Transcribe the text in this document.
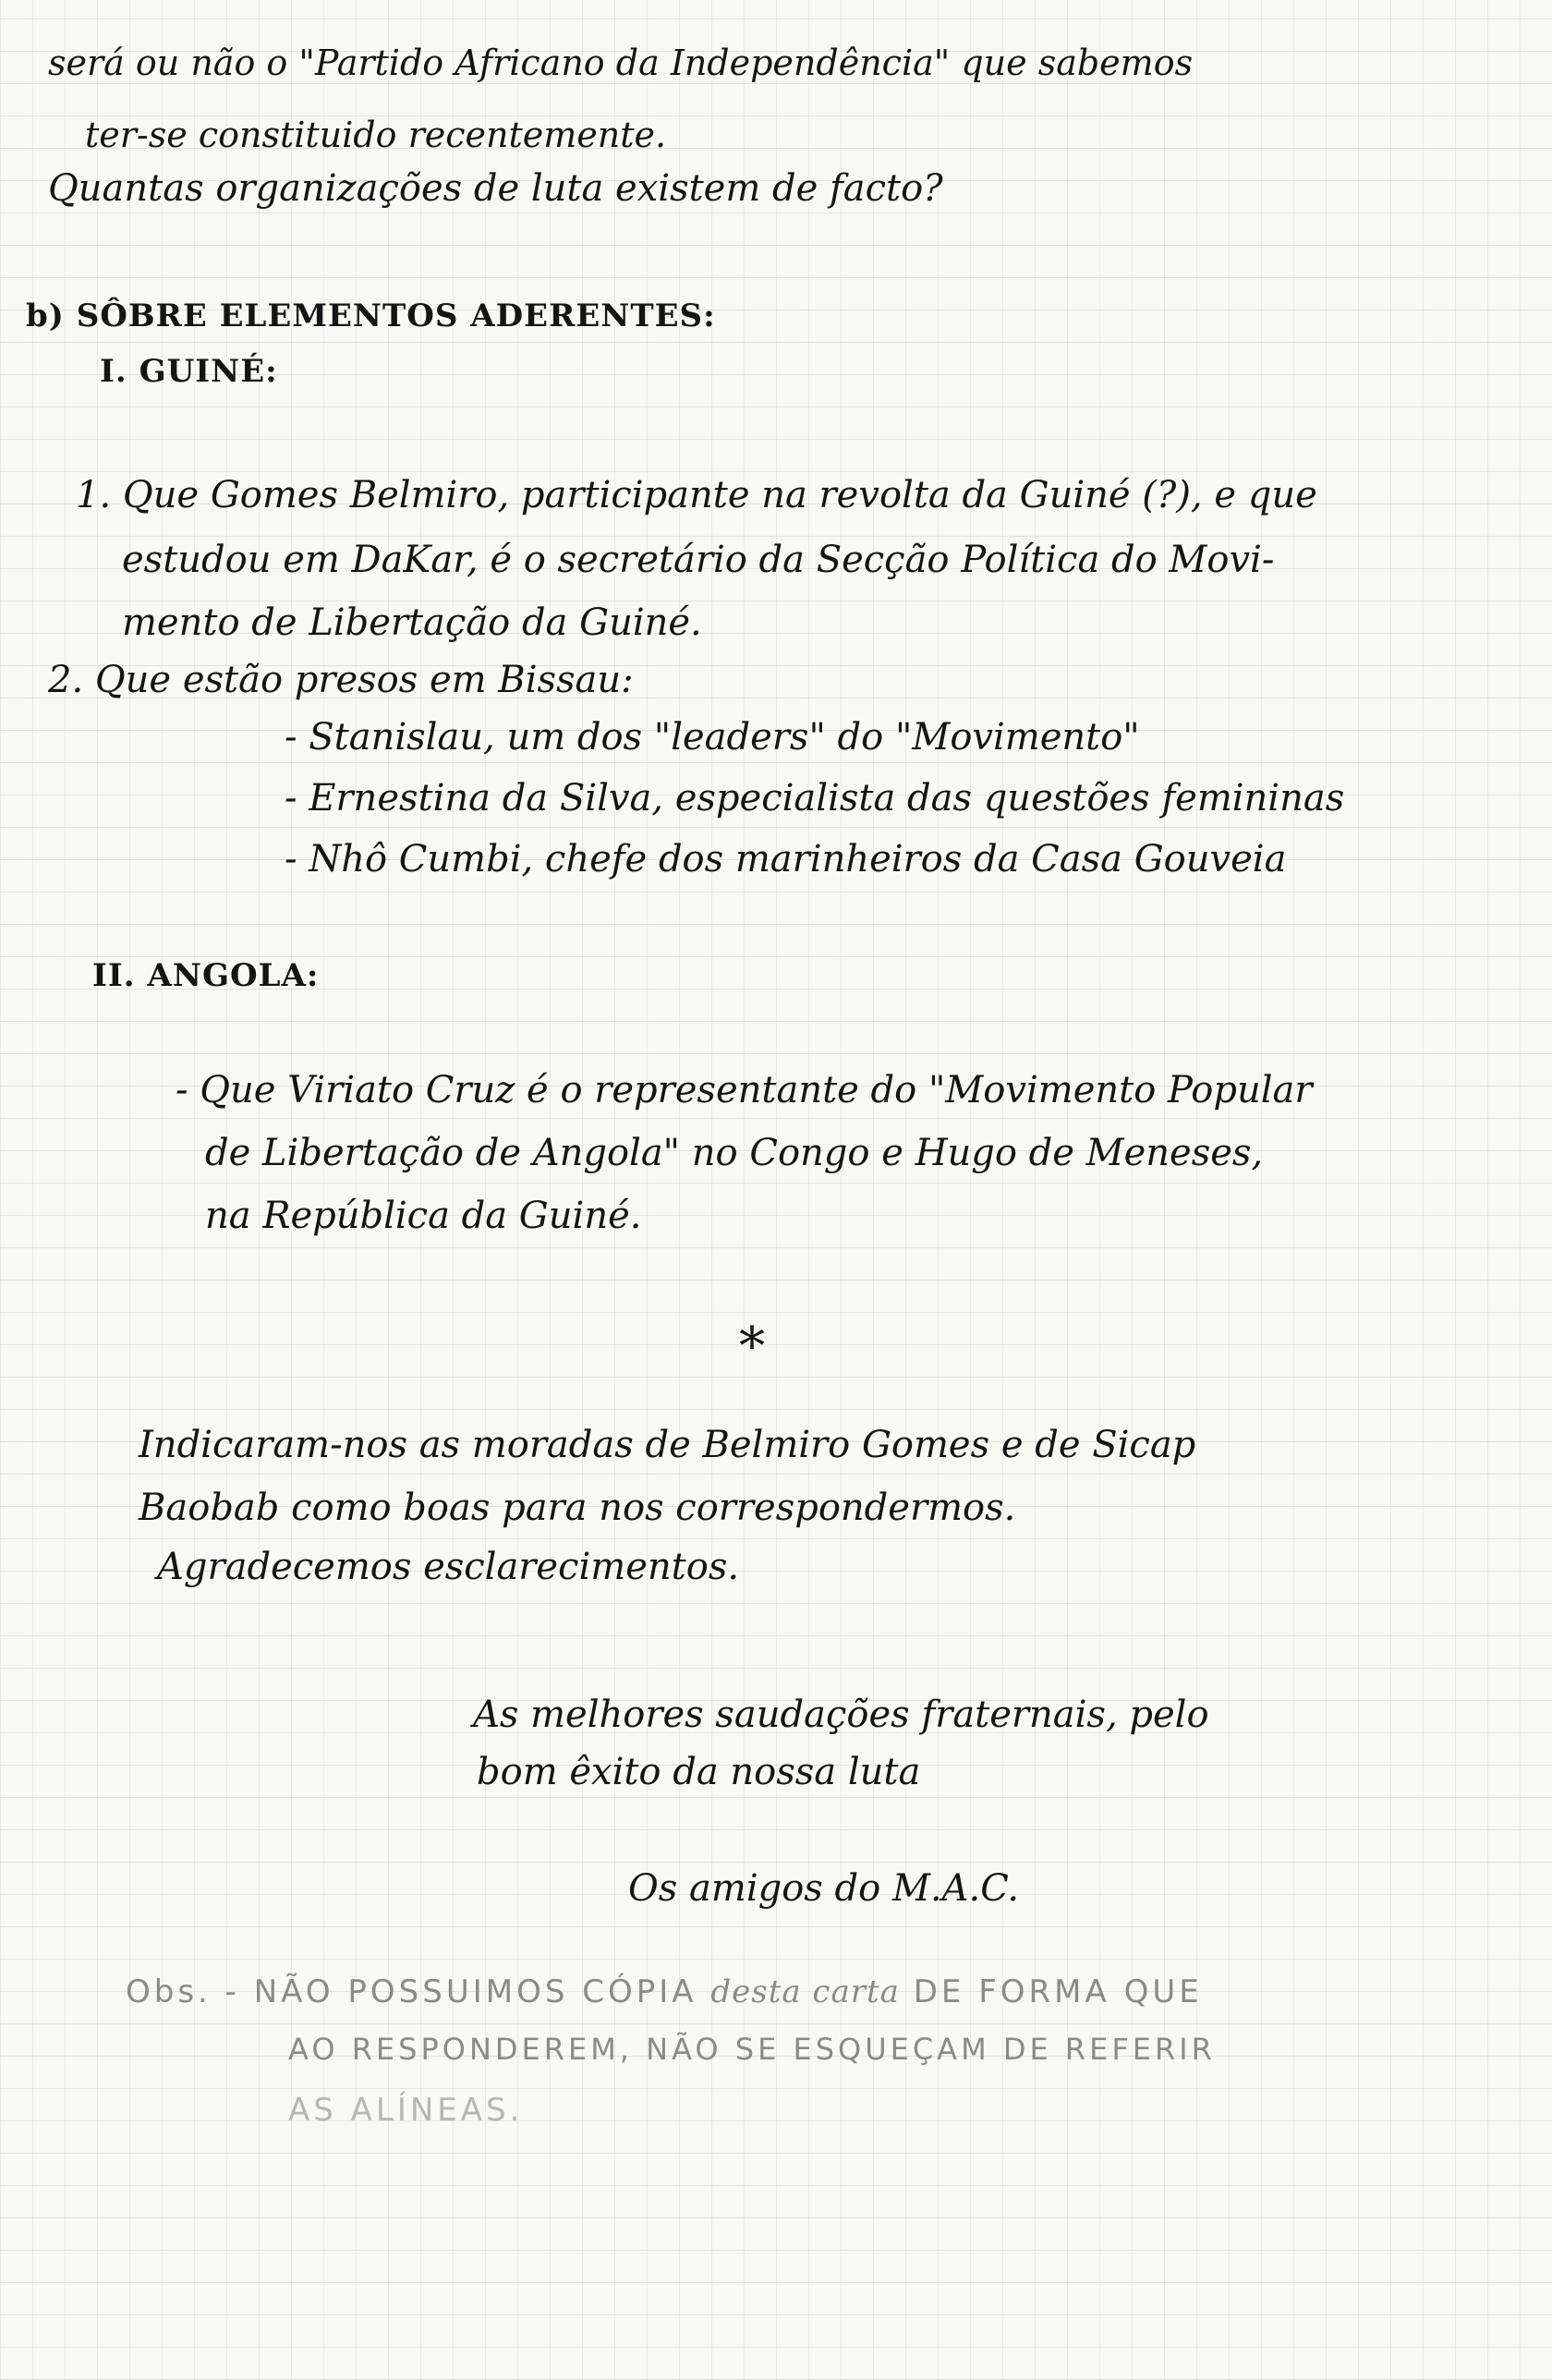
será ou não o "Partido Africano da Independência" que sabemos

ter-se constituido recentemente.

Quantas organizações de luta existem de facto?

b) SÔBRE ELEMENTOS ADERENTES:

I. GUINÉ:

1. Que Gomes Belmiro, participante na revolta da Guiné (?), e que

estudou em DaKar, é o secretário da Secção Política do Movi-

mento de Libertação da Guiné.

2. Que estão presos em Bissau:

- Stanislau, um dos "leaders" do "Movimento"

- Ernestina da Silva, especialista das questões femininas

- Nhô Cumbi, chefe dos marinheiros da Casa Gouveia

II. ANGOLA:

- Que Viriato Cruz é o representante do "Movimento Popular

de Libertação de Angola" no Congo e Hugo de Meneses,

na República da Guiné.

*

Indicaram-nos as moradas de Belmiro Gomes e de Sicap

Baobab como boas para nos correspondermos.

Agradecemos esclarecimentos.

As melhores saudações fraternais, pelo

bom êxito da nossa luta

Os amigos do M.A.C.

Obs. - NÃO POSSUIMOS CÓPIA desta carta DE FORMA QUE

AO RESPONDEREM, NÃO SE ESQUEÇAM DE REFERIR

AS ALÍNEAS.
